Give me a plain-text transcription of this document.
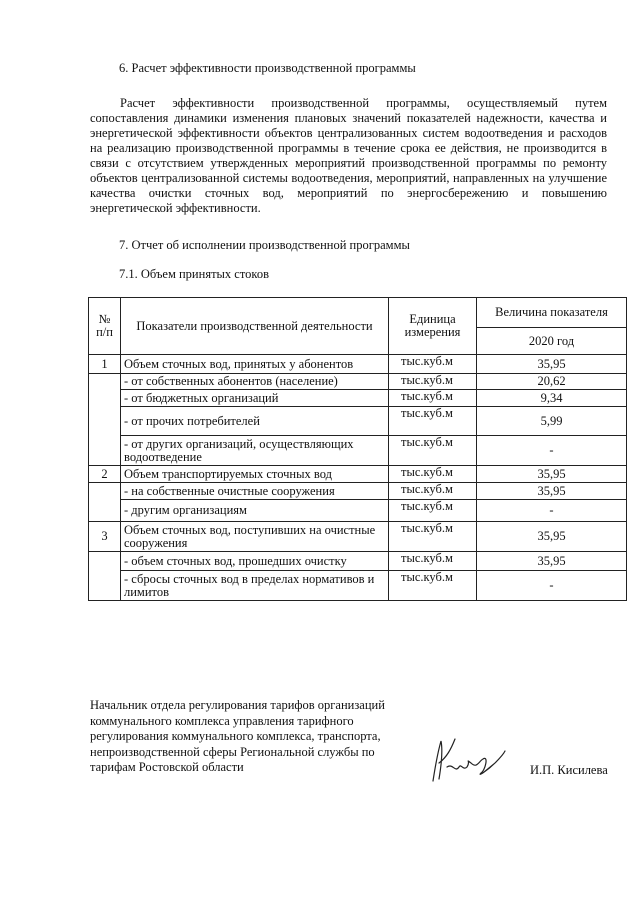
6. Расчет эффективности производственной программы
Расчет эффективности производственной программы, осуществляемый путем сопоставления динамики изменения плановых значений показателей надежности, качества и энергетической эффективности объектов централизованных систем водоотведения и расходов на реализацию производственной программы в течение срока ее действия, не производится в связи с отсутствием утвержденных мероприятий производственной программы по ремонту объектов централизованной системы водоотведения, мероприятий, направленных на улучшение качества очистки сточных вод, мероприятий по энергосбережению и повышению энергетической эффективности.
7. Отчет об исполнении производственной программы
7.1. Объем принятых стоков
№ п/п	Показатели производственной деятельности	Единица измерения	Величина показателя
			2020 год
1	Объем сточных вод, принятых у абонентов	тыс.куб.м	35,95
	- от собственных абонентов (население)	тыс.куб.м	20,62
	- от бюджетных организаций	тыс.куб.м	9,34
	- от прочих потребителей	тыс.куб.м	5,99
	- от других организаций, осуществляющих водоотведение	тыс.куб.м	-
2	Объем транспортируемых сточных вод	тыс.куб.м	35,95
	- на собственные очистные сооружения	тыс.куб.м	35,95
	- другим организациям	тыс.куб.м	-
3	Объем сточных вод, поступивших на очистные сооружения	тыс.куб.м	35,95
	- объем сточных вод, прошедших очистку	тыс.куб.м	35,95
	- сбросы сточных вод в пределах нормативов и лимитов	тыс.куб.м	-
Начальник отдела регулирования тарифов организаций коммунального комплекса управления тарифного регулирования коммунального комплекса, транспорта, непроизводственной сферы Региональной службы по тарифам Ростовской области	И.П. Кисилева
